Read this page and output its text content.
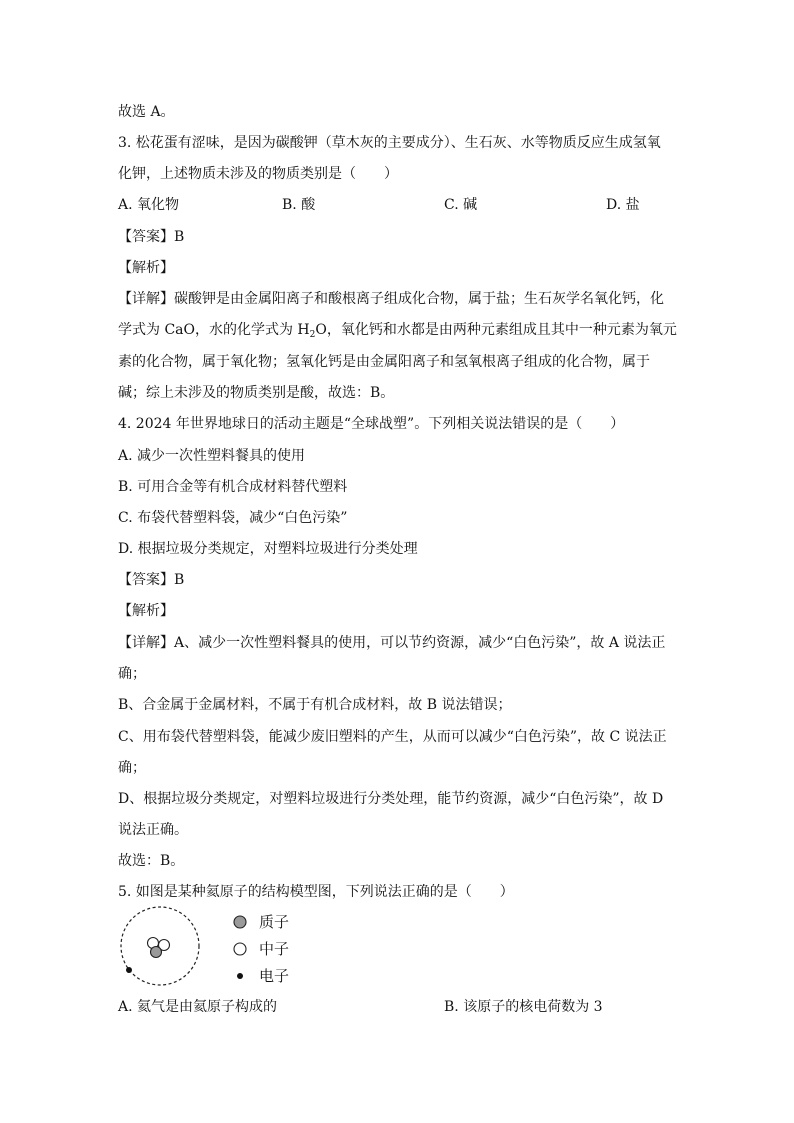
故选 A。
3. 松花蛋有涩味，是因为碳酸钾（草木灰的主要成分）、生石灰、水等物质反应生成氢氧
化钾，上述物质未涉及的物质类别是（　　）
A. 氧化物	B. 酸	C. 碱	D. 盐
【答案】B
【解析】
【详解】碳酸钾是由金属阳离子和酸根离子组成化合物，属于盐；生石灰学名氧化钙，化
学式为 CaO，水的化学式为 $H_2O$，氧化钙和水都是由两种元素组成且其中一种元素为氧元
素的化合物，属于氧化物；氢氧化钙是由金属阳离子和氢氧根离子组成的化合物，属于
碱；综上未涉及的物质类别是酸，故选：B。
4. 2024 年世界地球日的活动主题是“全球战塑”。下列相关说法错误的是（　　）
A. 减少一次性塑料餐具的使用
B. 可用合金等有机合成材料替代塑料
C. 布袋代替塑料袋，减少“白色污染”
D. 根据垃圾分类规定，对塑料垃圾进行分类处理
【答案】B
【解析】
【详解】A、减少一次性塑料餐具的使用，可以节约资源，减少“白色污染”，故 A 说法正
确；
B、合金属于金属材料，不属于有机合成材料，故 B 说法错误；
C、用布袋代替塑料袋，能减少废旧塑料的产生，从而可以减少“白色污染”，故 C 说法正
确；
D、根据垃圾分类规定，对塑料垃圾进行分类处理，能节约资源，减少“白色污染”，故 D
说法正确。
故选：B。
5. 如图是某种氦原子的结构模型图，下列说法正确的是（　　）
质子
中子
电子
A. 氦气是由氦原子构成的	B. 该原子的核电荷数为 3
